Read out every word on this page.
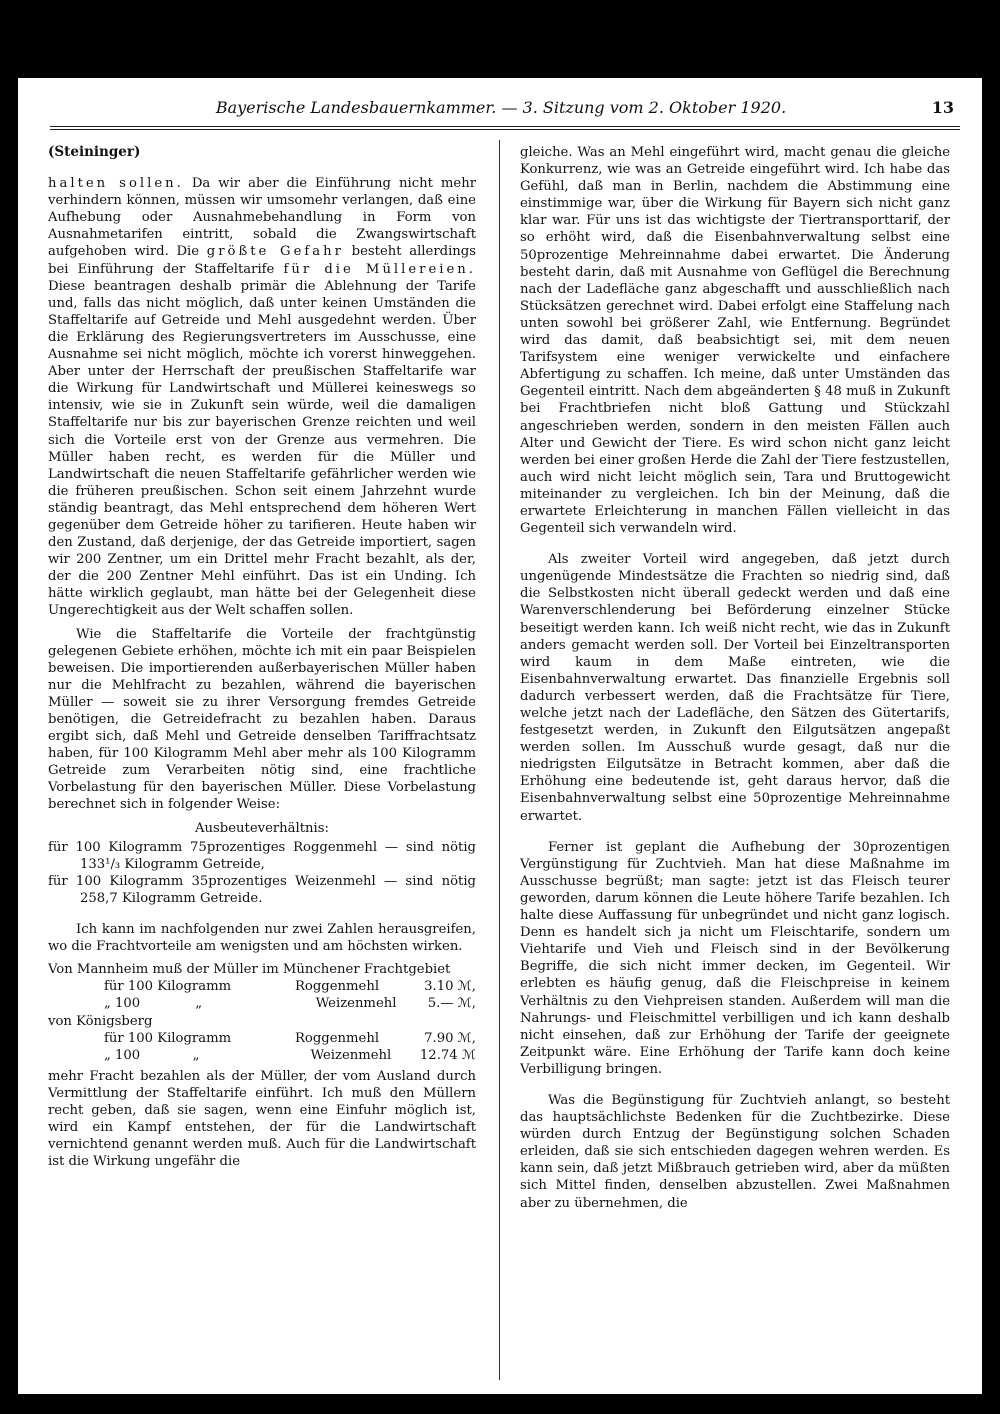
Bayerische Landesbauernkammer. — 3. Sitzung vom 2. Oktober 1920.	13
(Steininger)

halten sollen. Da wir aber die Einführung nicht mehr verhindern können, müssen wir umsomehr verlangen, daß eine Aufhebung oder Ausnahmebehandlung in Form von Ausnahmetarifen eintritt, sobald die Zwangswirtschaft aufgehoben wird. Die größte Gefahr besteht allerdings bei Einführung der Staffeltarife für die Müllereien. Diese beantragen deshalb primär die Ablehnung der Tarife und, falls das nicht möglich, daß unter keinen Umständen die Staffeltarife auf Getreide und Mehl ausgedehnt werden. Über die Erklärung des Regierungsvertreters im Ausschusse, eine Ausnahme sei nicht möglich, möchte ich vorerst hinweggehen. Aber unter der Herrschaft der preußischen Staffeltarife war die Wirkung für Landwirtschaft und Müllerei keineswegs so intensiv, wie sie in Zukunft sein würde, weil die damaligen Staffeltarife nur bis zur bayerischen Grenze reichten und weil sich die Vorteile erst von der Grenze aus vermehren. Die Müller haben recht, es werden für die Müller und Landwirtschaft die neuen Staffeltarife gefährlicher werden wie die früheren preußischen. Schon seit einem Jahrzehnt wurde ständig beantragt, das Mehl entsprechend dem höheren Wert gegenüber dem Getreide höher zu tarifieren. Heute haben wir den Zustand, daß derjenige, der das Getreide importiert, sagen wir 200 Zentner, um ein Drittel mehr Fracht bezahlt, als der, der die 200 Zentner Mehl einführt. Das ist ein Unding. Ich hätte wirklich geglaubt, man hätte bei der Gelegenheit diese Ungerechtigkeit aus der Welt schaffen sollen.

Wie die Staffeltarife die Vorteile der frachtgünstig gelegenen Gebiete erhöhen, möchte ich mit ein paar Beispielen beweisen. Die importierenden außerbayerischen Müller haben nur die Mehlfracht zu bezahlen, während die bayerischen Müller — soweit sie zu ihrer Versorgung fremdes Getreide benötigen, die Getreidefracht zu bezahlen haben. Daraus ergibt sich, daß Mehl und Getreide denselben Tariffrachtsatz haben, für 100 Kilogramm Mehl aber mehr als 100 Kilogramm Getreide zum Verarbeiten nötig sind, eine frachtliche Vorbelastung für den bayerischen Müller. Diese Vorbelastung berechnet sich in folgender Weise:

Ausbeuteverhältnis:

für 100 Kilogramm 75prozentiges Roggenmehl — sind nötig 133¹/₃ Kilogramm Getreide,

für 100 Kilogramm 35prozentiges Weizenmehl — sind nötig 258,7 Kilogramm Getreide.

Ich kann im nachfolgenden nur zwei Zahlen herausgreifen, wo die Frachtvorteile am wenigsten und am höchsten wirken.

Von Mannheim muß der Müller im Münchener Frachtgebiet

für 100 Kilogramm	Roggenmehl	3.10 ℳ,
„ 100	„	Weizenmehl 5.— ℳ,

von Königsberg

für 100 Kilogramm	Roggenmehl	7.90 ℳ,
„ 100	„	Weizenmehl 12.74 ℳ

mehr Fracht bezahlen als der Müller, der vom Ausland durch Vermittlung der Staffeltarife einführt. Ich muß den Müllern recht geben, daß sie sagen, wenn eine Einfuhr möglich ist, wird ein Kampf entstehen, der für die Landwirtschaft vernichtend genannt werden muß. Auch für die Landwirtschaft ist die Wirkung ungefähr die

gleiche. Was an Mehl eingeführt wird, macht genau die gleiche Konkurrenz, wie was an Getreide eingeführt wird. Ich habe das Gefühl, daß man in Berlin, nachdem die Abstimmung eine einstimmige war, über die Wirkung für Bayern sich nicht ganz klar war. Für uns ist das wichtigste der Tiertransporttarif, der so erhöht wird, daß die Eisenbahnverwaltung selbst eine 50prozentige Mehreinnahme dabei erwartet. Die Änderung besteht darin, daß mit Ausnahme von Geflügel die Berechnung nach der Ladefläche ganz abgeschafft und ausschließlich nach Stücksätzen gerechnet wird. Dabei erfolgt eine Staffelung nach unten sowohl bei größerer Zahl, wie Entfernung. Begründet wird das damit, daß beabsichtigt sei, mit dem neuen Tarifsystem eine weniger verwickelte und einfachere Abfertigung zu schaffen. Ich meine, daß unter Umständen das Gegenteil eintritt. Nach dem abgeänderten § 48 muß in Zukunft bei Frachtbriefen nicht bloß Gattung und Stückzahl angeschrieben werden, sondern in den meisten Fällen auch Alter und Gewicht der Tiere. Es wird schon nicht ganz leicht werden bei einer großen Herde die Zahl der Tiere festzustellen, auch wird nicht leicht möglich sein, Tara und Bruttogewicht miteinander zu vergleichen. Ich bin der Meinung, daß die erwartete Erleichterung in manchen Fällen vielleicht in das Gegenteil sich verwandeln wird.

Als zweiter Vorteil wird angegeben, daß jetzt durch ungenügende Mindestsätze die Frachten so niedrig sind, daß die Selbstkosten nicht überall gedeckt werden und daß eine Warenverschlenderung bei Beförderung einzelner Stücke beseitigt werden kann. Ich weiß nicht recht, wie das in Zukunft anders gemacht werden soll. Der Vorteil bei Einzeltransporten wird kaum in dem Maße eintreten, wie die Eisenbahnverwaltung erwartet. Das finanzielle Ergebnis soll dadurch verbessert werden, daß die Frachtsätze für Tiere, welche jetzt nach der Ladefläche, den Sätzen des Gütertarifs, festgesetzt werden, in Zukunft den Eilgutsätzen angepaßt werden sollen. Im Ausschuß wurde gesagt, daß nur die niedrigsten Eilgutsätze in Betracht kommen, aber daß die Erhöhung eine bedeutende ist, geht daraus hervor, daß die Eisenbahnverwaltung selbst eine 50prozentige Mehreinnahme erwartet.

Ferner ist geplant die Aufhebung der 30prozentigen Vergünstigung für Zuchtvieh. Man hat diese Maßnahme im Ausschusse begrüßt; man sagte: jetzt ist das Fleisch teurer geworden, darum können die Leute höhere Tarife bezahlen. Ich halte diese Auffassung für unbegründet und nicht ganz logisch. Denn es handelt sich ja nicht um Fleischtarife, sondern um Viehtarife und Vieh und Fleisch sind in der Bevölkerung Begriffe, die sich nicht immer decken, im Gegenteil. Wir erlebten es häufig genug, daß die Fleischpreise in keinem Verhältnis zu den Viehpreisen standen. Außerdem will man die Nahrungs- und Fleischmittel verbilligen und ich kann deshalb nicht einsehen, daß zur Erhöhung der Tarife der geeignete Zeitpunkt wäre. Eine Erhöhung der Tarife kann doch keine Verbilligung bringen.

Was die Begünstigung für Zuchtvieh anlangt, so besteht das hauptsächlichste Bedenken für die Zuchtbezirke. Diese würden durch Entzug der Begünstigung solchen Schaden erleiden, daß sie sich entschieden dagegen wehren werden. Es kann sein, daß jetzt Mißbrauch getrieben wird, aber da müßten sich Mittel finden, denselben abzustellen. Zwei Maßnahmen aber zu übernehmen, die
